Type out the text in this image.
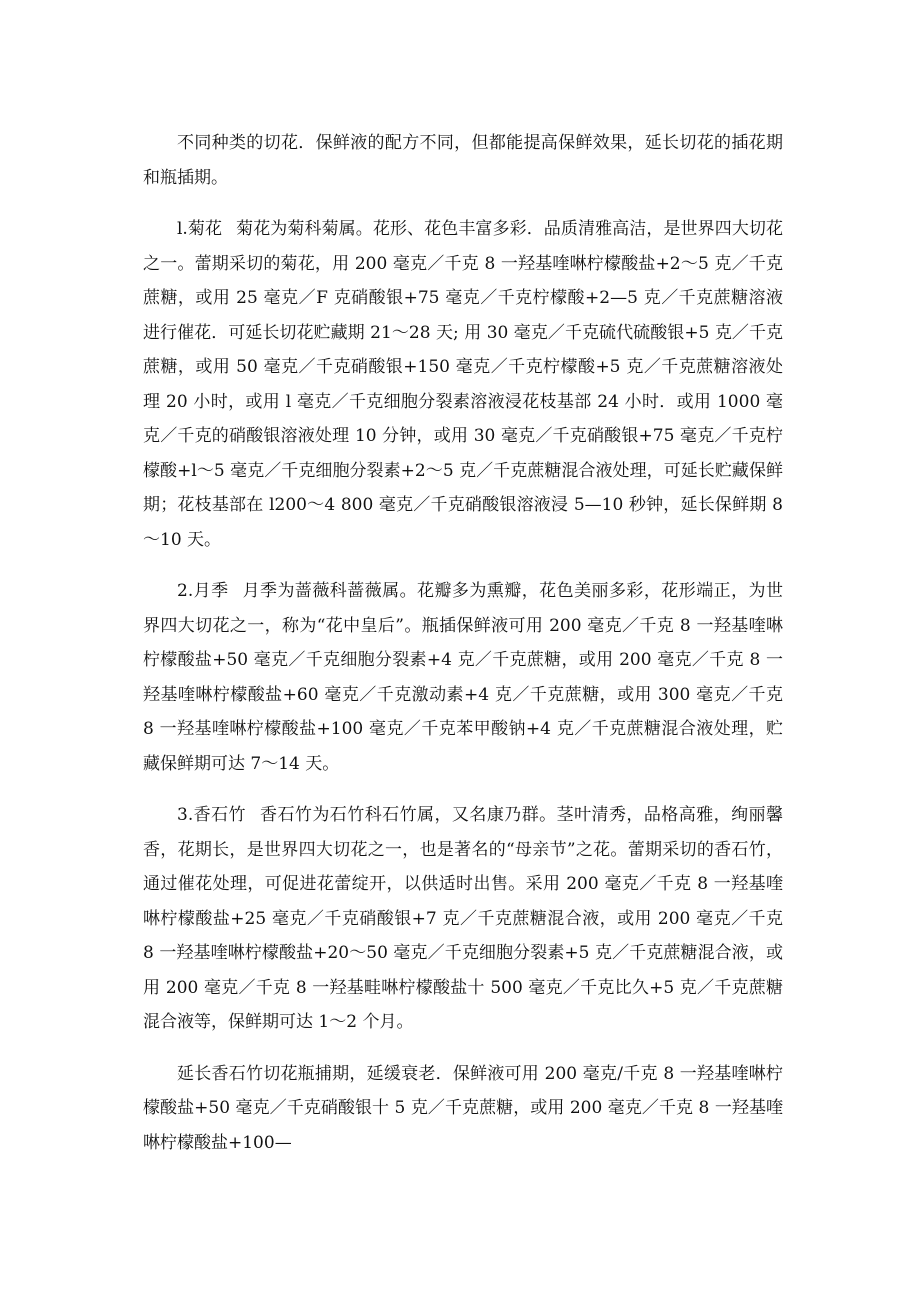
不同种类的切花．保鲜液的配方不同，但都能提高保鲜效果，延长切花的插花期和瓶插期。

l.菊花 菊花为菊科菊属。花形、花色丰富多彩．品质清雅高洁，是世界四大切花之一。蕾期采切的菊花，用 200 毫克／千克 8 一羟基喹啉柠檬酸盐+2～5 克／千克蔗糖，或用 25 毫克／F 克硝酸银+75 毫克／千克柠檬酸+2—5 克／千克蔗糖溶液进行催花．可延长切花贮藏期 21～28 天; 用 30 毫克／千克硫代硫酸银+5 克／千克蔗糖，或用 50 毫克／千克硝酸银+150 毫克／千克柠檬酸+5 克／千克蔗糖溶液处理 20 小时，或用 l 毫克／千克细胞分裂素溶液浸花枝基部 24 小时．或用 1000 毫克／千克的硝酸银溶液处理 10 分钟，或用 30 毫克／千克硝酸银+75 毫克／千克柠檬酸+l～5 毫克／千克细胞分裂素+2～5 克／千克蔗糖混合液处理，可延长贮藏保鲜期；花枝基部在 l200～4 800 毫克／千克硝酸银溶液浸 5—10 秒钟，延长保鲜期 8～10 天。

2.月季 月季为蔷薇科蔷薇属。花瓣多为熏瓣，花色美丽多彩，花形端正，为世界四大切花之一，称为“花中皇后”。瓶插保鲜液可用 200 毫克／千克 8 一羟基喹啉柠檬酸盐+50 毫克／千克细胞分裂素+4 克／千克蔗糖，或用 200 毫克／千克 8 一羟基喹啉柠檬酸盐+60 毫克／千克激动素+4 克／千克蔗糖，或用 300 毫克／千克 8 一羟基喹啉柠檬酸盐+100 毫克／千克苯甲酸钠+4 克／千克蔗糖混合液处理，贮藏保鲜期可达 7～14 天。

3.香石竹 香石竹为石竹科石竹属，又名康乃群。茎叶清秀，品格高雅，绚丽馨香，花期长，是世界四大切花之一，也是著名的“母亲节”之花。蕾期采切的香石竹，通过催花处理，可促进花蕾绽开，以供适时出售。采用 200 毫克／千克 8 一羟基喹啉柠檬酸盐+25 毫克／千克硝酸银+7 克／千克蔗糖混合液，或用 200 毫克／千克 8 一羟基喹啉柠檬酸盐+20～50 毫克／千克细胞分裂素+5 克／千克蔗糖混合液，或用 200 毫克／千克 8 一羟基畦啉柠檬酸盐十 500 毫克／千克比久+5 克／千克蔗糖混合液等，保鲜期可达 1～2 个月。

延长香石竹切花瓶捕期，延缓衰老．保鲜液可用 200 毫克/千克 8 一羟基喹啉柠檬酸盐+50 毫克／千克硝酸银十 5 克／千克蔗糖，或用 200 毫克／千克 8 一羟基喹啉柠檬酸盐+100—
